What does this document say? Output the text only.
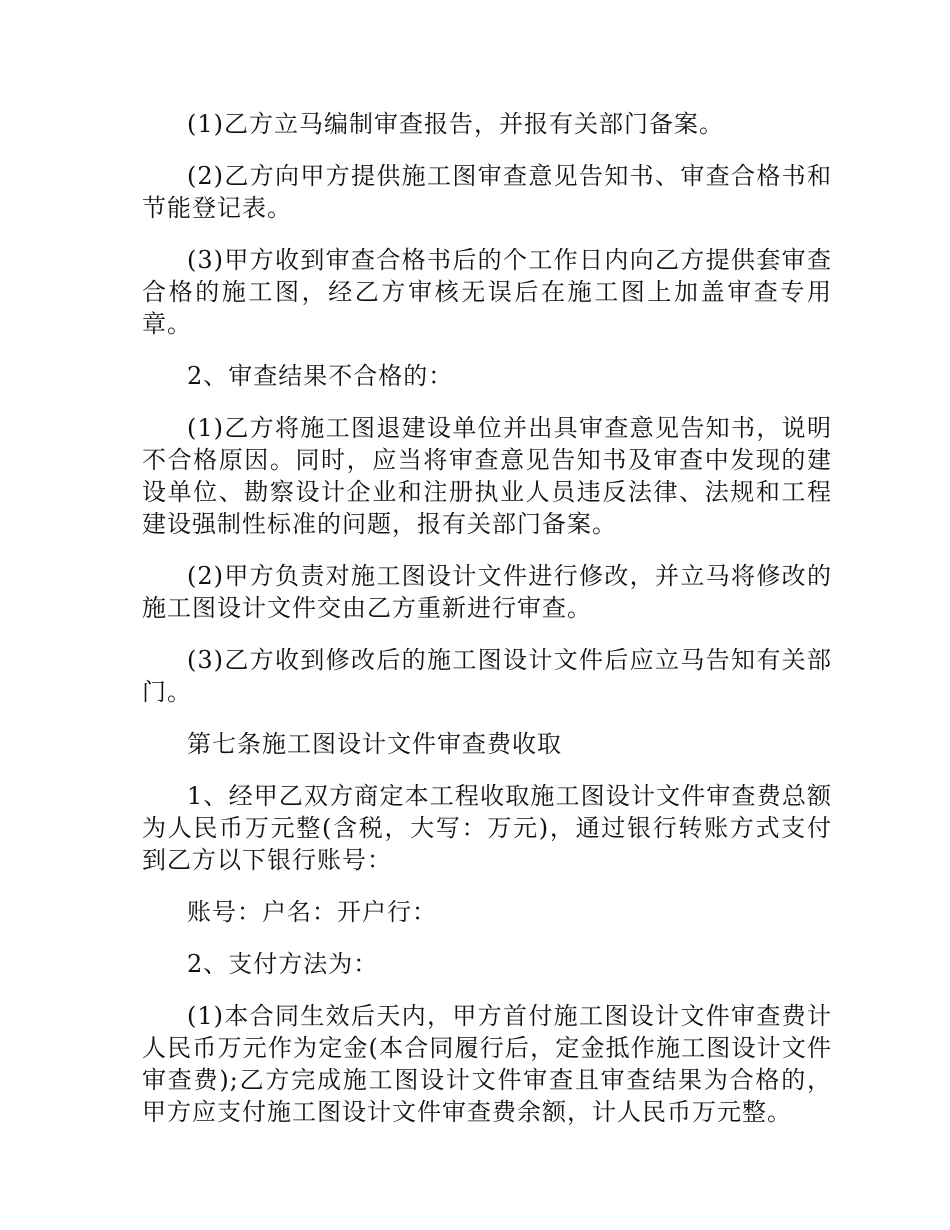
(1)乙方立马编制审查报告，并报有关部门备案。

(2)乙方向甲方提供施工图审查意见告知书、审查合格书和节能登记表。

(3)甲方收到审查合格书后的个工作日内向乙方提供套审查合格的施工图，经乙方审核无误后在施工图上加盖审查专用章。

2、审查结果不合格的：

(1)乙方将施工图退建设单位并出具审查意见告知书，说明不合格原因。同时，应当将审查意见告知书及审查中发现的建设单位、勘察设计企业和注册执业人员违反法律、法规和工程建设强制性标准的问题，报有关部门备案。

(2)甲方负责对施工图设计文件进行修改，并立马将修改的施工图设计文件交由乙方重新进行审查。

(3)乙方收到修改后的施工图设计文件后应立马告知有关部门。

第七条施工图设计文件审查费收取

1、经甲乙双方商定本工程收取施工图设计文件审查费总额为人民币万元整(含税，大写：万元)，通过银行转账方式支付到乙方以下银行账号：

账号：户名：开户行：

2、支付方法为：

(1)本合同生效后天内，甲方首付施工图设计文件审查费计人民币万元作为定金(本合同履行后，定金抵作施工图设计文件审查费);乙方完成施工图设计文件审查且审查结果为合格的，甲方应支付施工图设计文件审查费余额，计人民币万元整。
